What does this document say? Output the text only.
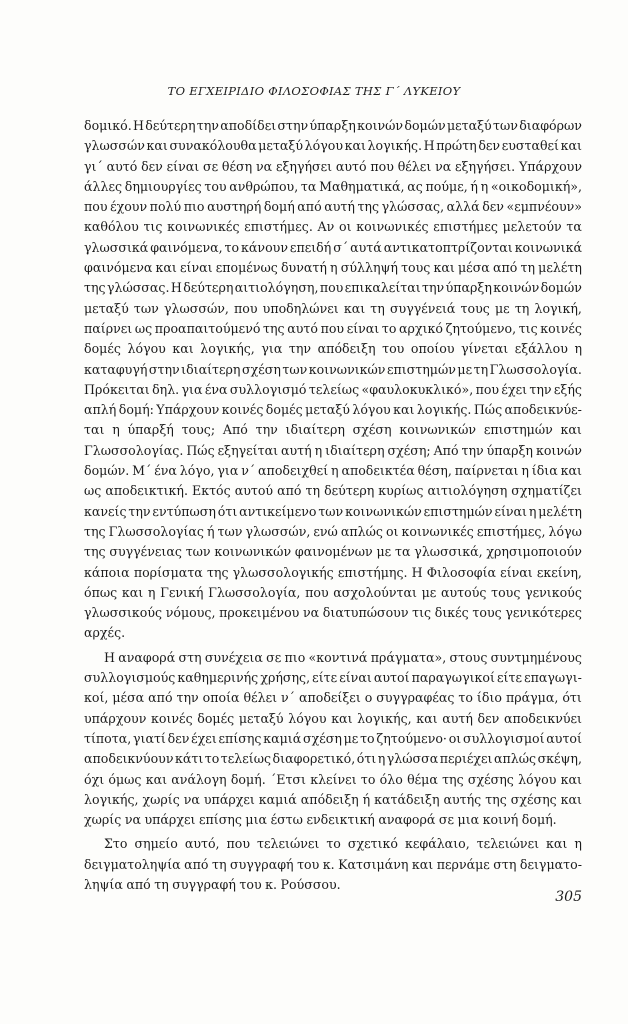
ΤΟ ΕΓΧΕΙΡΙΔΙΟ ΦΙΛΟΣΟΦΙΑΣ ΤΗΣ Γ΄ ΛΥΚΕΙΟΥ
δομικό. Η δεύτερη την αποδίδει στην ύπαρξη κοινών δομών μεταξύ των διαφόρων
γλωσσών και συνακόλουθα μεταξύ λόγου και λογικής. Η πρώτη δεν ευσταθεί και
γι΄ αυτό δεν είναι σε θέση να εξηγήσει αυτό που θέλει να εξηγήσει. Υπάρχουν
άλλες δημιουργίες του ανθρώπου, τα Μαθηματικά, ας πούμε, ή η «οικοδομική»,
που έχουν πολύ πιο αυστηρή δομή από αυτή της γλώσσας, αλλά δεν «εμπνέουν»
καθόλου τις κοινωνικές επιστήμες. Αν οι κοινωνικές επιστήμες μελετούν τα
γλωσσικά φαινόμενα, το κάνουν επειδή σ΄ αυτά αντικατοπτρίζονται κοινωνικά
φαινόμενα και είναι επομένως δυνατή η σύλληψή τους και μέσα από τη μελέτη
της γλώσσας. Η δεύτερη αιτιολόγηση, που επικαλείται την ύπαρξη κοινών δομών
μεταξύ των γλωσσών, που υποδηλώνει και τη συγγένειά τους με τη λογική,
παίρνει ως προαπαιτούμενό της αυτό που είναι το αρχικό ζητούμενο, τις κοινές
δομές λόγου και λογικής, για την απόδειξη του οποίου γίνεται εξάλλου η
καταφυγή στην ιδιαίτερη σχέση των κοινωνικών επιστημών με τη Γλωσσολογία.
Πρόκειται δηλ. για ένα συλλογισμό τελείως «φαυλοκυκλικό», που έχει την εξής
απλή δομή: Υπάρχουν κοινές δομές μεταξύ λόγου και λογικής. Πώς αποδεικνύε-
ται η ύπαρξή τους; Από την ιδιαίτερη σχέση κοινωνικών επιστημών και
Γλωσσολογίας. Πώς εξηγείται αυτή η ιδιαίτερη σχέση; Από την ύπαρξη κοινών
δομών. Μ΄ ένα λόγο, για ν΄ αποδειχθεί η αποδεικτέα θέση, παίρνεται η ίδια και
ως αποδεικτική. Εκτός αυτού από τη δεύτερη κυρίως αιτιολόγηση σχηματίζει
κανείς την εντύπωση ότι αντικείμενο των κοινωνικών επιστημών είναι η μελέτη
της Γλωσσολογίας ή των γλωσσών, ενώ απλώς οι κοινωνικές επιστήμες, λόγω
της συγγένειας των κοινωνικών φαινομένων με τα γλωσσικά, χρησιμοποιούν
κάποια πορίσματα της γλωσσολογικής επιστήμης. Η Φιλοσοφία είναι εκείνη,
όπως και η Γενική Γλωσσολογία, που ασχολούνται με αυτούς τους γενικούς
γλωσσικούς νόμους, προκειμένου να διατυπώσουν τις δικές τους γενικότερες
αρχές.
Η αναφορά στη συνέχεια σε πιο «κοντινά πράγματα», στους συντμημένους
συλλογισμούς καθημερινής χρήσης, είτε είναι αυτοί παραγωγικοί είτε επαγωγι-
κοί, μέσα από την οποία θέλει ν΄ αποδείξει ο συγγραφέας το ίδιο πράγμα, ότι
υπάρχουν κοινές δομές μεταξύ λόγου και λογικής, και αυτή δεν αποδεικνύει
τίποτα, γιατί δεν έχει επίσης καμιά σχέση με το ζητούμενο· οι συλλογισμοί αυτοί
αποδεικνύουν κάτι το τελείως διαφορετικό, ότι η γλώσσα περιέχει απλώς σκέψη,
όχι όμως και ανάλογη δομή. ΄Ετσι κλείνει το όλο θέμα της σχέσης λόγου και
λογικής, χωρίς να υπάρχει καμιά απόδειξη ή κατάδειξη αυτής της σχέσης και
χωρίς να υπάρχει επίσης μια έστω ενδεικτική αναφορά σε μια κοινή δομή.
Στο σημείο αυτό, που τελειώνει το σχετικό κεφάλαιο, τελειώνει και η
δειγματοληψία από τη συγγραφή του κ. Κατσιμάνη και περνάμε στη δειγματο-
ληψία από τη συγγραφή του κ. Ρούσσου.
305
